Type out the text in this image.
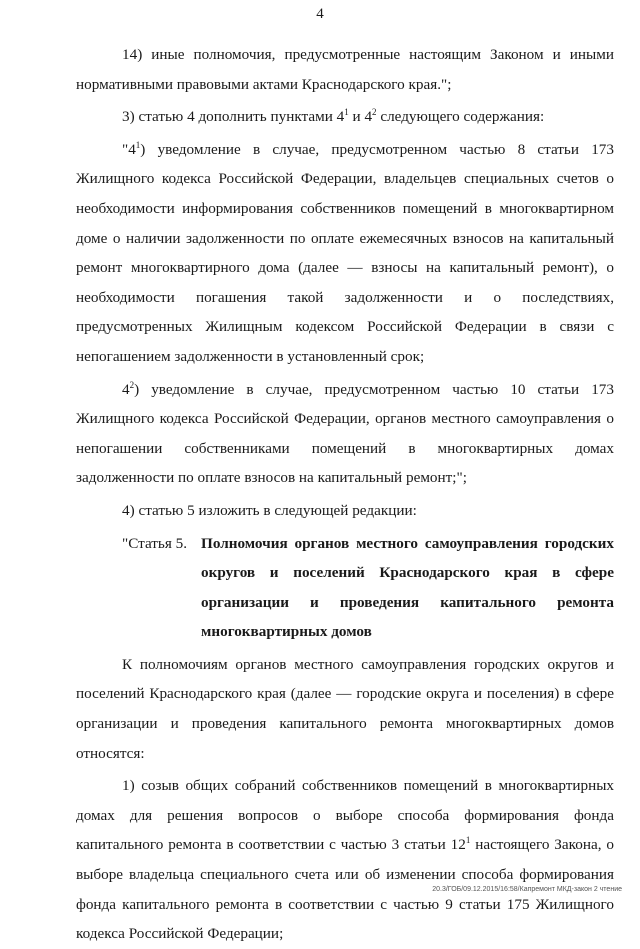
4

14) иные полномочия, предусмотренные настоящим Законом и иными нормативными правовыми актами Краснодарского края.";

3) статью 4 дополнить пунктами $4^1$ и $4^2$ следующего содержания:

"$4^1$) уведомление в случае, предусмотренном частью 8 статьи 173 Жилищного кодекса Российской Федерации, владельцев специальных счетов о необходимости информирования собственников помещений в многоквартирном доме о наличии задолженности по оплате ежемесячных взносов на капитальный ремонт многоквартирного дома (далее — взносы на капитальный ремонт), о необходимости погашения такой задолженности и о последствиях, предусмотренных Жилищным кодексом Российской Федерации в связи с непогашением задолженности в установленный срок;

$4^2$) уведомление в случае, предусмотренном частью 10 статьи 173 Жилищного кодекса Российской Федерации, органов местного самоуправления о непогашении собственниками помещений в многоквартирных домах задолженности по оплате взносов на капитальный ремонт;";

4) статью 5 изложить в следующей редакции:

"Статья 5. Полномочия органов местного самоуправления городских округов и поселений Краснодарского края в сфере организации и проведения капитального ремонта многоквартирных домов

К полномочиям органов местного самоуправления городских округов и поселений Краснодарского края (далее — городские округа и поселения) в сфере организации и проведения капитального ремонта многоквартирных домов относятся:

1) созыв общих собраний собственников помещений в многоквартирных домах для решения вопросов о выборе способа формирования фонда капитального ремонта в соответствии с частью 3 статьи $12^1$ настоящего Закона, о выборе владельца специального счета или об изменении способа формирования фонда капитального ремонта в соответствии с частью 9 статьи 175 Жилищного кодекса Российской Федерации;

20.3/ГОБ/09.12.2015/16:58/Капремонт МКД-закон 2 чтение
